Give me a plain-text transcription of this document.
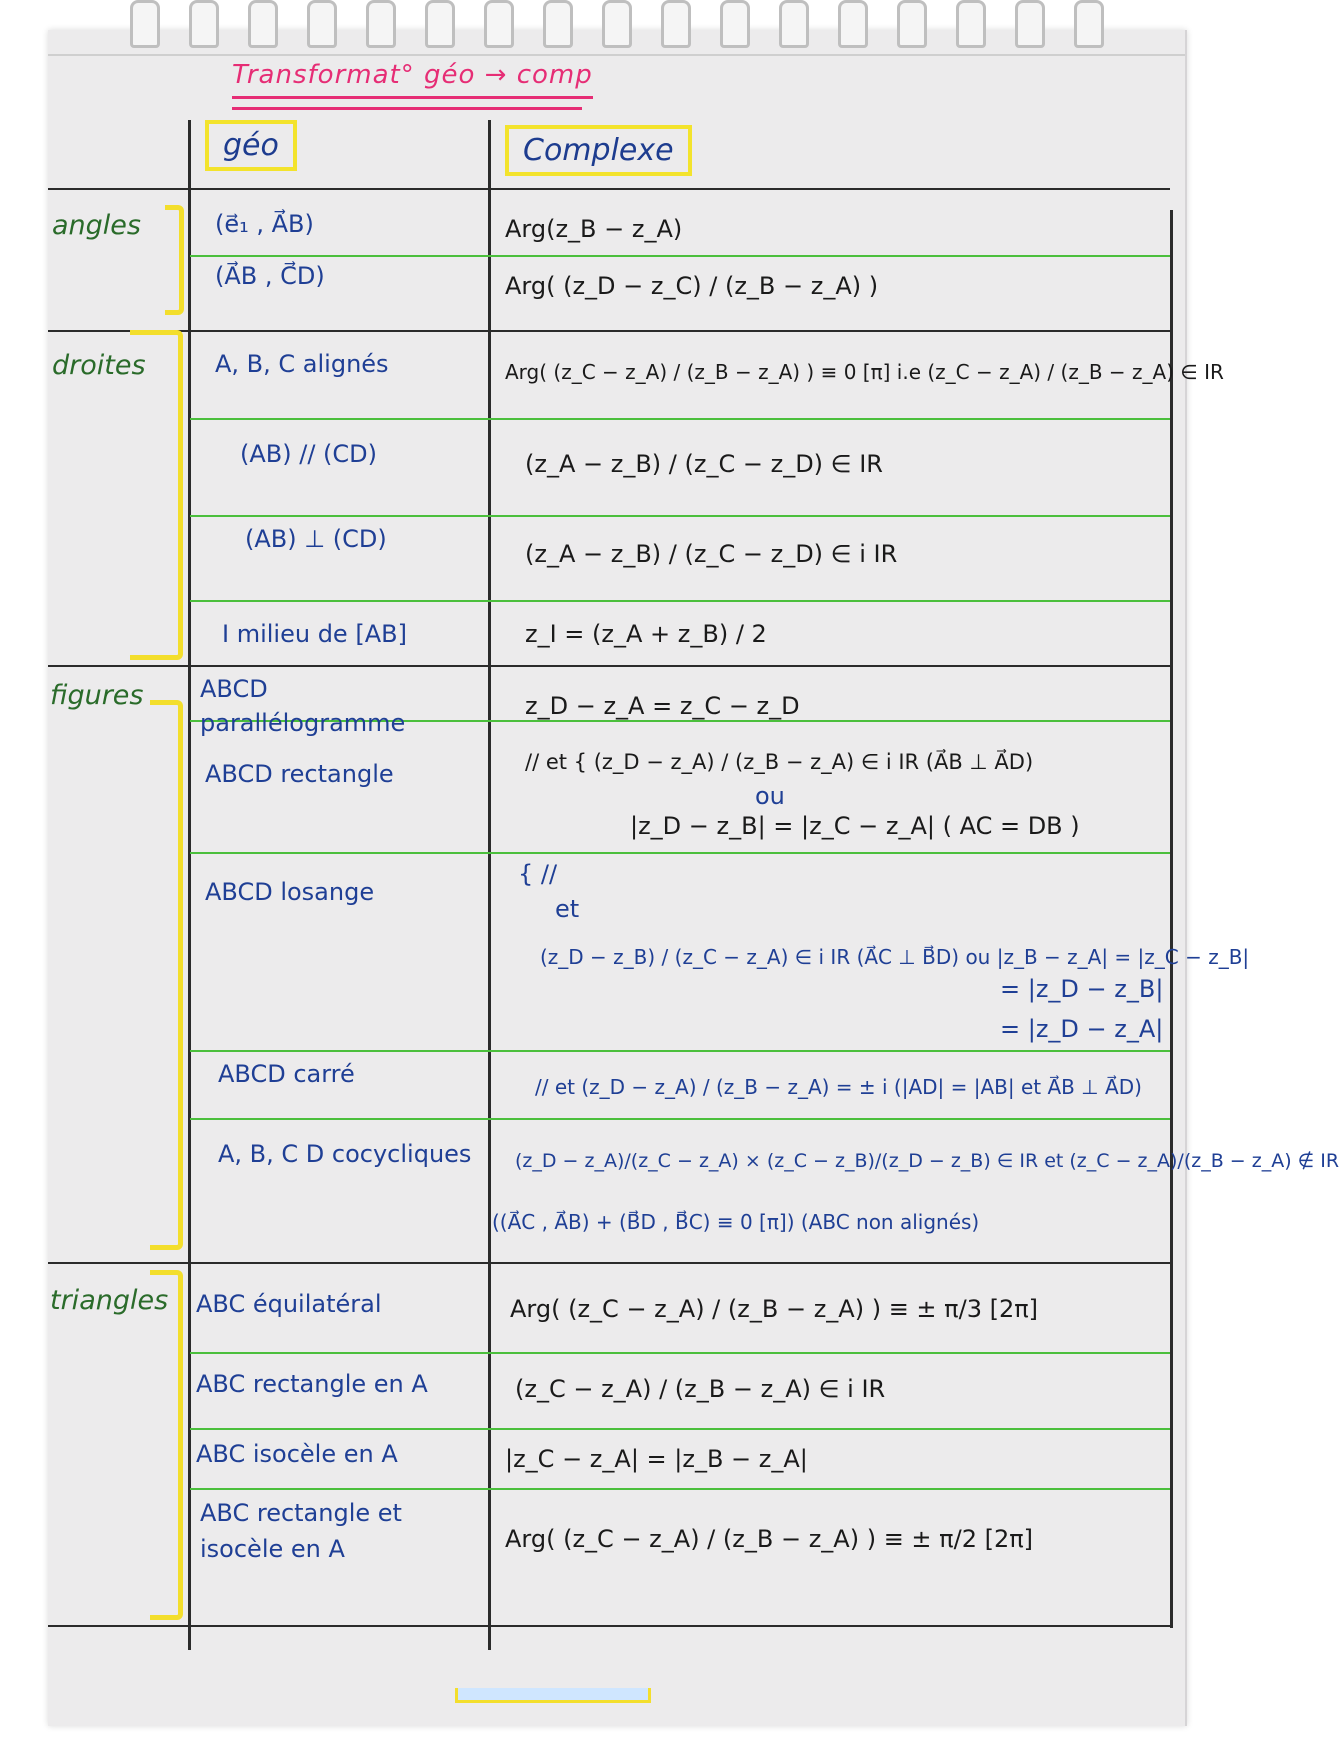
Transformat° géo → comp
géo	Complexe
angles
droites
figures
triangles
(e⃗₁ , A⃗B)
(A⃗B , C⃗D)
A, B, C alignés
(AB) // (CD)
(AB) ⊥ (CD)
I milieu de [AB]
ABCD parallélogramme
ABCD rectangle
ABCD losange
ABCD carré
A, B, C D cocycliques
ABC équilatéral
ABC rectangle en A
ABC isocèle en A
ABC rectangle et isocèle en A
Arg(z_B − z_A)
Arg( (z_D − z_C) / (z_B − z_A) )
Arg( (z_C − z_A) / (z_B − z_A) ) ≡ 0 [π] i.e (z_C − z_A) / (z_B − z_A) ∈ IR
(z_A − z_B) / (z_C − z_D) ∈ IR
(z_A − z_B) / (z_C − z_D) ∈ i IR
z_I = (z_A + z_B) / 2
z_D − z_A = z_C − z_D
// et { (z_D − z_A) / (z_B − z_A) ∈ i IR (A⃗B ⊥ A⃗D)
ou
|z_D − z_B| = |z_C − z_A| ( AC = DB )
{ //
et
(z_D − z_B) / (z_C − z_A) ∈ i IR (A⃗C ⊥ B⃗D) ou |z_B − z_A| = |z_C − z_B|
= |z_D − z_B|
= |z_D − z_A|
// et (z_D − z_A) / (z_B − z_A) = ± i (|AD| = |AB| et A⃗B ⊥ A⃗D)
(z_D − z_A)/(z_C − z_A) × (z_C − z_B)/(z_D − z_B) ∈ IR et (z_C − z_A)/(z_B − z_A) ∉ IR
((A⃗C , A⃗B) + (B⃗D , B⃗C) ≡ 0 [π]) (ABC non alignés)
Arg( (z_C − z_A) / (z_B − z_A) ) ≡ ± π/3 [2π]
(z_C − z_A) / (z_B − z_A) ∈ i IR
|z_C − z_A| = |z_B − z_A|
Arg( (z_C − z_A) / (z_B − z_A) ) ≡ ± π/2 [2π]
